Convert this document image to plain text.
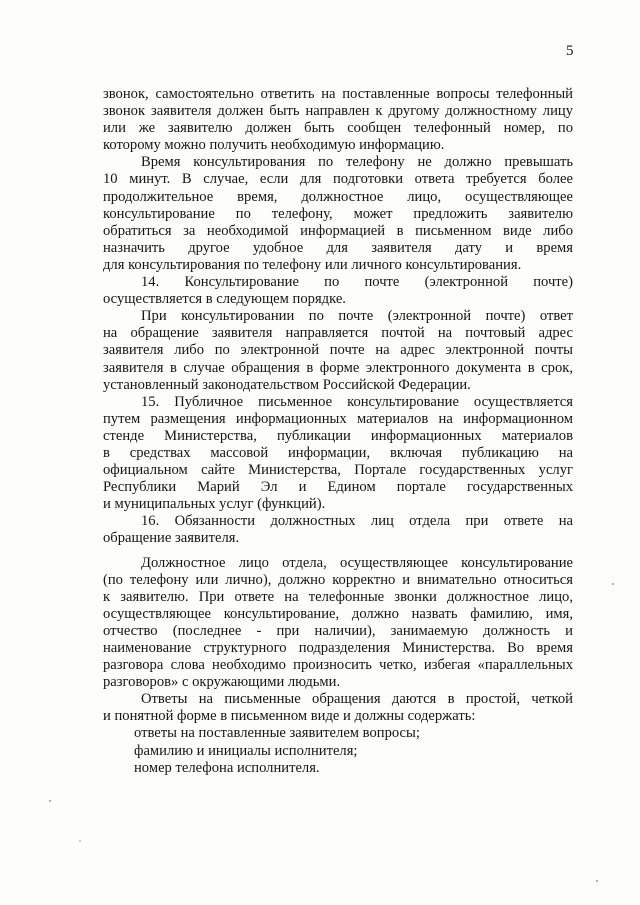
5
звонок, самостоятельно ответить на поставленные вопросы телефонный
звонок заявителя должен быть направлен к другому должностному лицу
или же заявителю должен быть сообщен телефонный номер, по
которому можно получить необходимую информацию.
Время консультирования по телефону не должно превышать
10 минут. В случае, если для подготовки ответа требуется более
продолжительное время, должностное лицо, осуществляющее
консультирование по телефону, может предложить заявителю
обратиться за необходимой информацией в письменном виде либо
назначить другое удобное для заявителя дату и время
для консультирования по телефону или личного консультирования.
14. Консультирование по почте (электронной почте)
осуществляется в следующем порядке.
При консультировании по почте (электронной почте) ответ
на обращение заявителя направляется почтой на почтовый адрес
заявителя либо по электронной почте на адрес электронной почты
заявителя в случае обращения в форме электронного документа в срок,
установленный законодательством Российской Федерации.
15. Публичное письменное консультирование осуществляется
путем размещения информационных материалов на информационном
стенде Министерства, публикации информационных материалов
в средствах массовой информации, включая публикацию на
официальном сайте Министерства, Портале государственных услуг
Республики Марий Эл и Едином портале государственных
и муниципальных услуг (функций).
16. Обязанности должностных лиц отдела при ответе на
обращение заявителя.
Должностное лицо отдела, осуществляющее консультирование
(по телефону или лично), должно корректно и внимательно относиться
к заявителю. При ответе на телефонные звонки должностное лицо,
осуществляющее консультирование, должно назвать фамилию, имя,
отчество (последнее - при наличии), занимаемую должность и
наименование структурного подразделения Министерства. Во время
разговора слова необходимо произносить четко, избегая «параллельных
разговоров» с окружающими людьми.
Ответы на письменные обращения даются в простой, четкой
и понятной форме в письменном виде и должны содержать:
ответы на поставленные заявителем вопросы;
фамилию и инициалы исполнителя;
номер телефона исполнителя.
